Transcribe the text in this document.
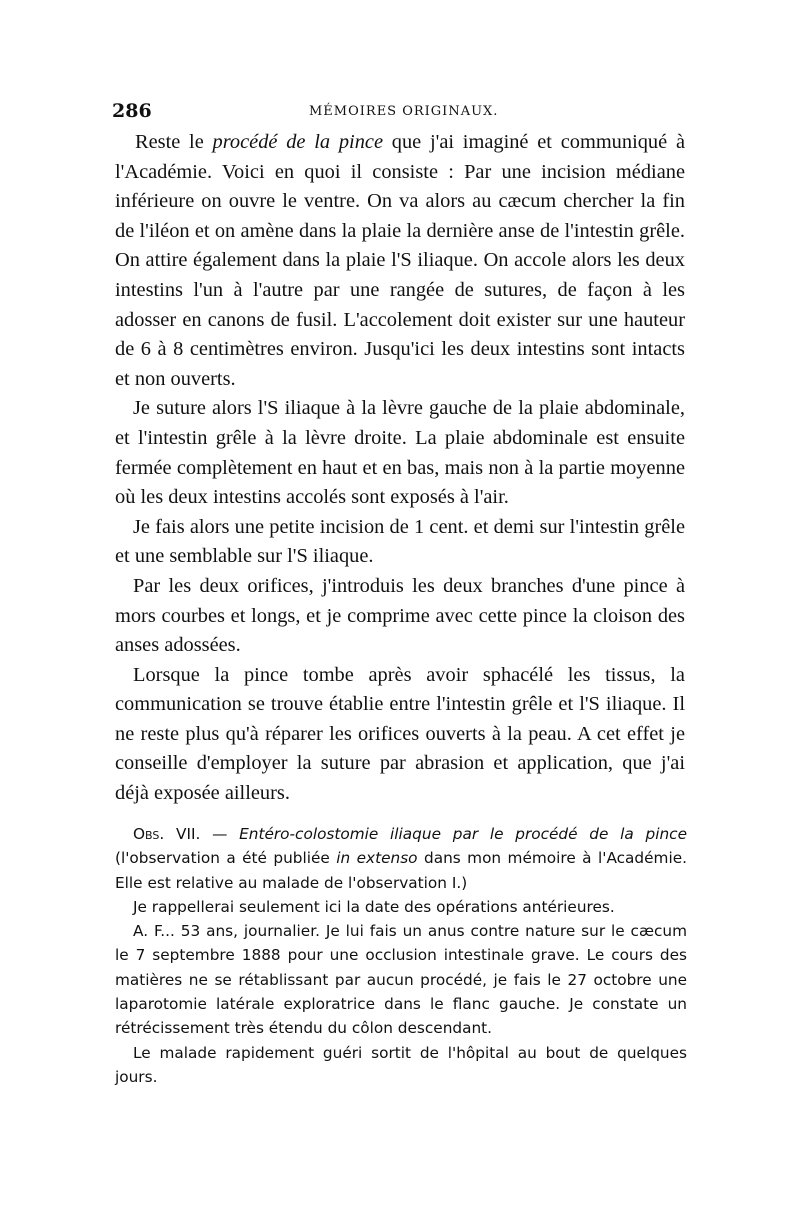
286	MÉMOIRES ORIGINAUX.

Reste le procédé de la pince que j'ai imaginé et communiqué à l'Académie. Voici en quoi il consiste : Par une incision médiane inférieure on ouvre le ventre. On va alors au cæcum chercher la fin de l'iléon et on amène dans la plaie la dernière anse de l'intestin grêle. On attire également dans la plaie l'S iliaque. On accole alors les deux intestins l'un à l'autre par une rangée de sutures, de façon à les adosser en canons de fusil. L'accolement doit exister sur une hauteur de 6 à 8 centimètres environ. Jusqu'ici les deux intestins sont intacts et non ouverts.

Je suture alors l'S iliaque à la lèvre gauche de la plaie abdominale, et l'intestin grêle à la lèvre droite. La plaie abdominale est ensuite fermée complètement en haut et en bas, mais non à la partie moyenne où les deux intestins accolés sont exposés à l'air.

Je fais alors une petite incision de 1 cent. et demi sur l'intestin grêle et une semblable sur l'S iliaque.

Par les deux orifices, j'introduis les deux branches d'une pince à mors courbes et longs, et je comprime avec cette pince la cloison des anses adossées.

Lorsque la pince tombe après avoir sphacélé les tissus, la communication se trouve établie entre l'intestin grêle et l'S iliaque. Il ne reste plus qu'à réparer les orifices ouverts à la peau. A cet effet je conseille d'employer la suture par abrasion et application, que j'ai déjà exposée ailleurs.

Obs. VII. — Entéro-colostomie iliaque par le procédé de la pince (l'observation a été publiée in extenso dans mon mémoire à l'Académie. Elle est relative au malade de l'observation I.)

Je rappellerai seulement ici la date des opérations antérieures.

A. F... 53 ans, journalier. Je lui fais un anus contre nature sur le cæcum le 7 septembre 1888 pour une occlusion intestinale grave. Le cours des matières ne se rétablissant par aucun procédé, je fais le 27 octobre une laparotomie latérale exploratrice dans le flanc gauche. Je constate un rétrécissement très étendu du côlon descendant.

Le malade rapidement guéri sortit de l'hôpital au bout de quelques jours.
